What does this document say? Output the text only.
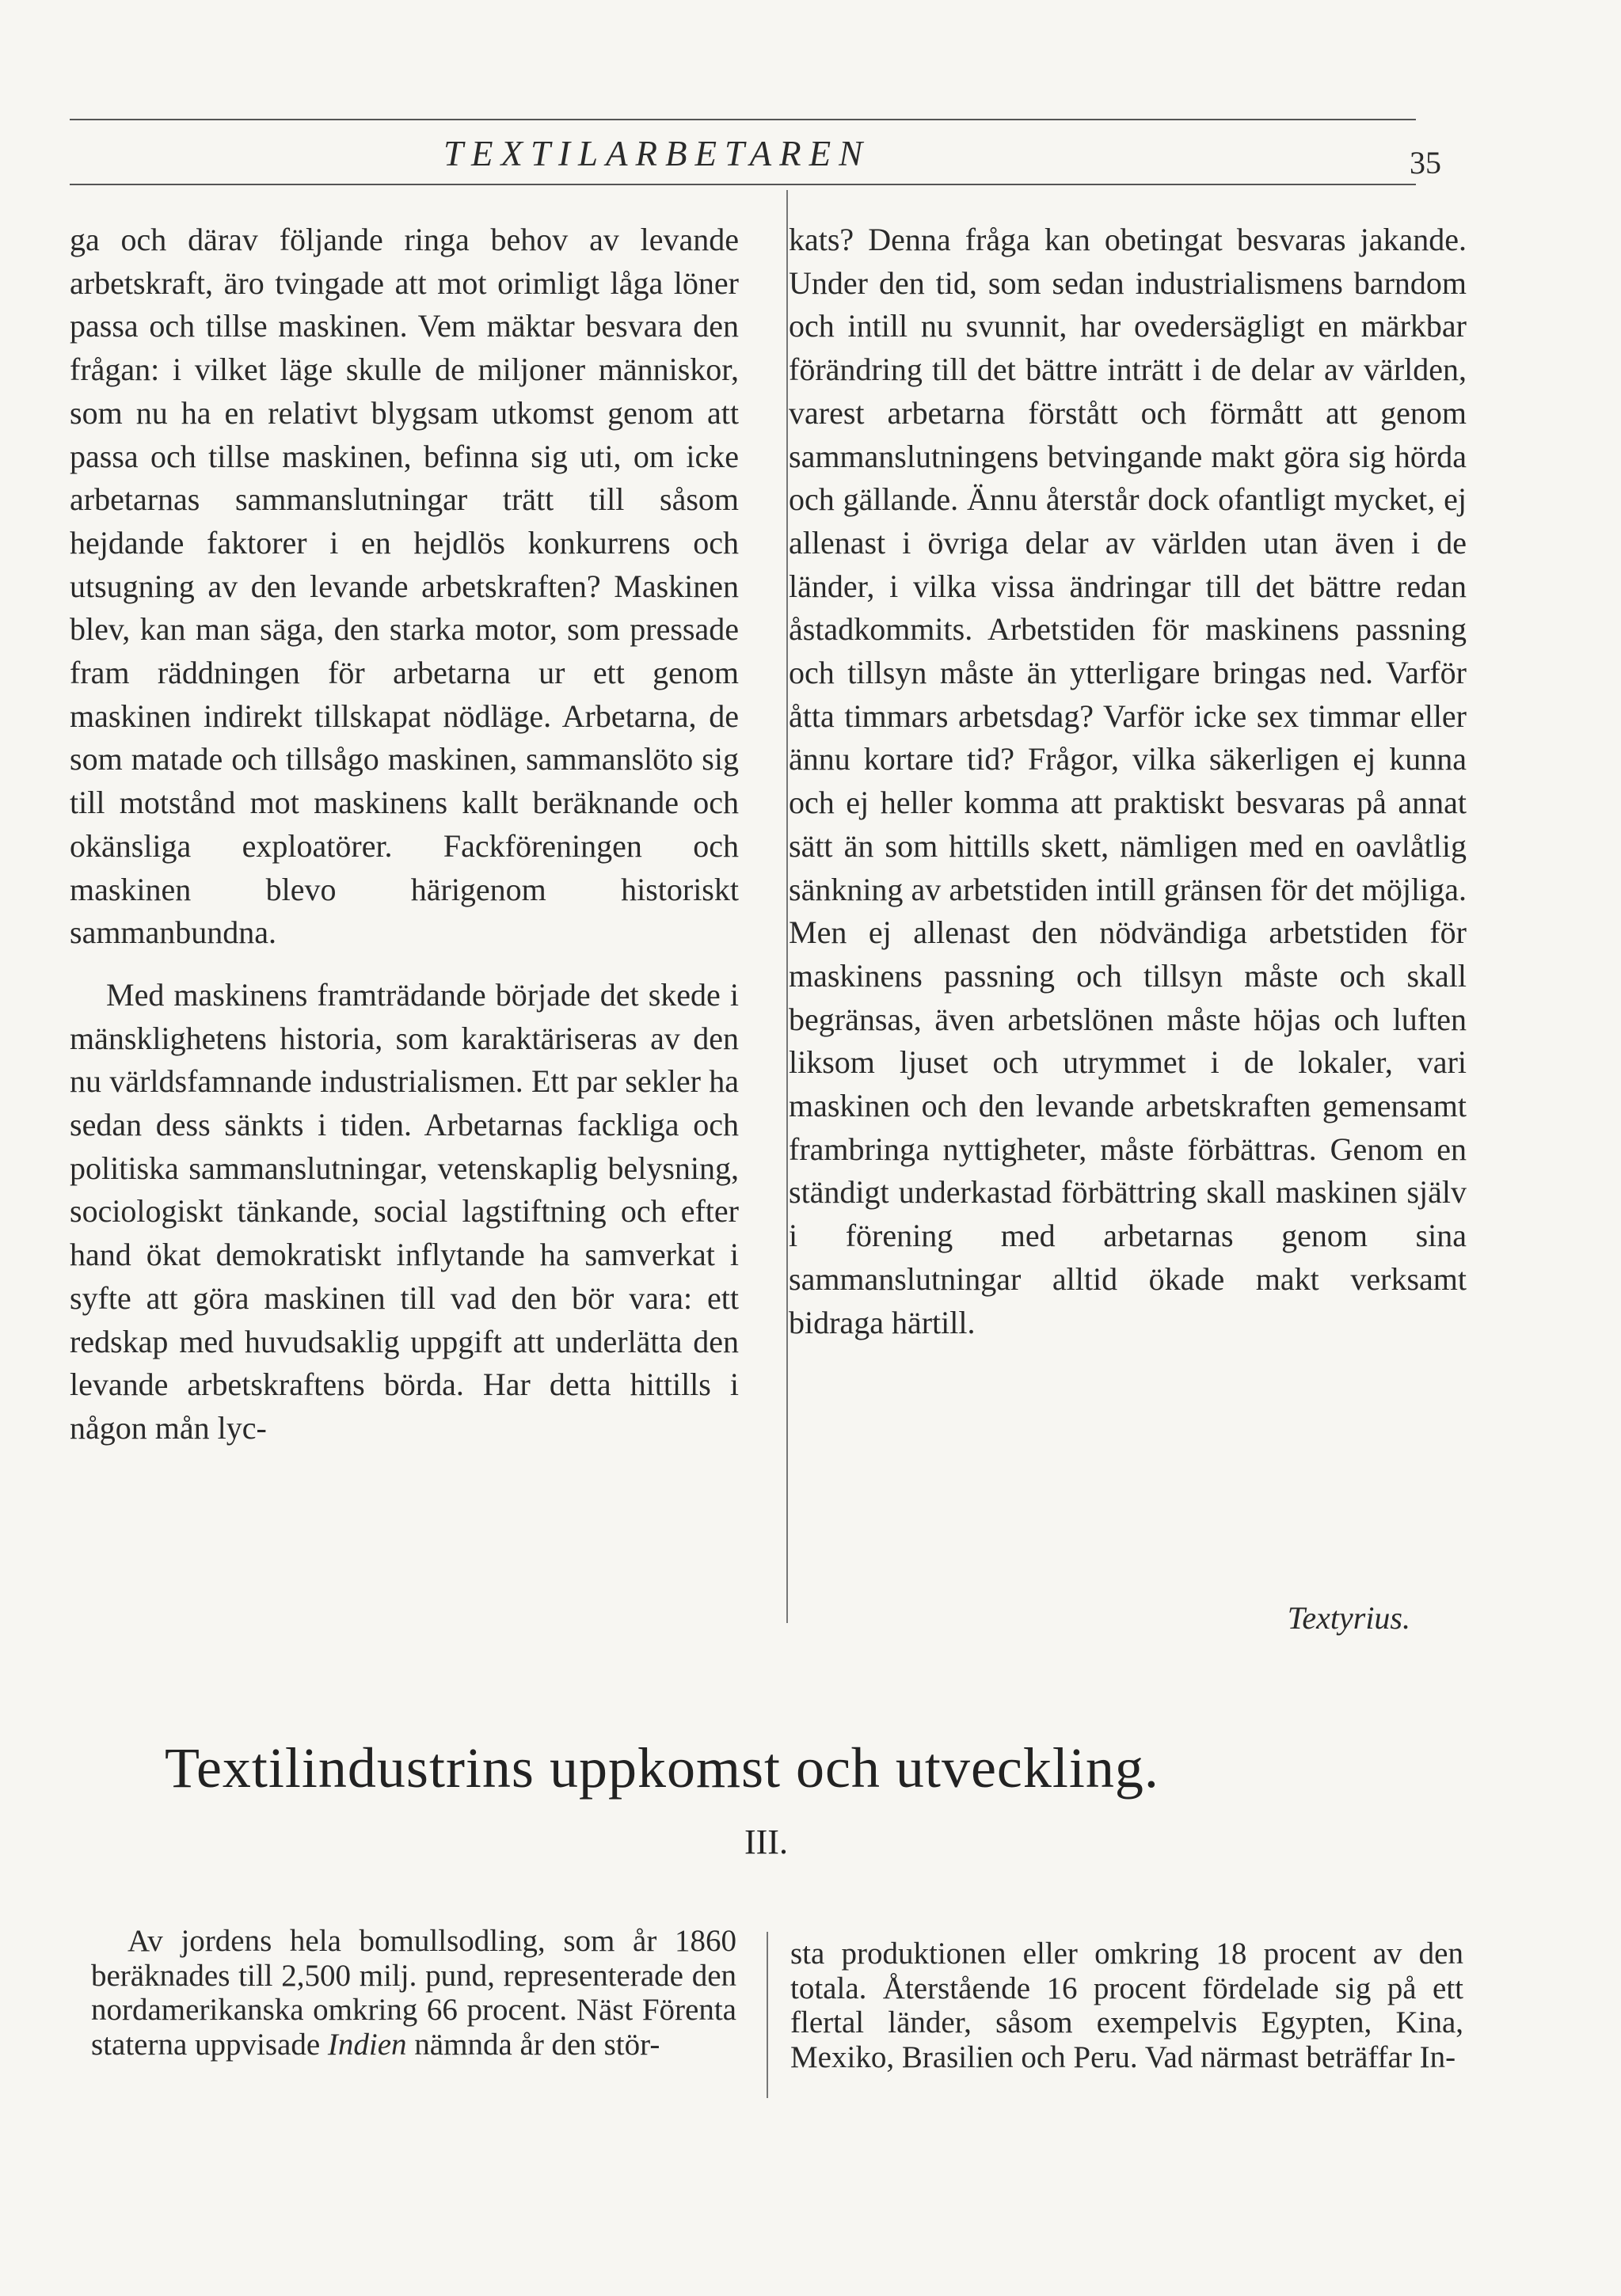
TEXTILARBETAREN	35

ga och därav följande ringa behov av levande arbetskraft, äro tvingade att mot orimligt låga löner passa och tillse maskinen. Vem mäktar besvara den frågan: i vilket läge skulle de miljoner människor, som nu ha en relativt blygsam utkomst genom att passa och tillse maskinen, befinna sig uti, om icke arbetarnas sammanslutningar trätt till såsom hejdande faktorer i en hejdlös konkurrens och utsugning av den levande arbetskraften? Maskinen blev, kan man säga, den starka motor, som pressade fram räddningen för arbetarna ur ett genom maskinen indirekt tillskapat nödläge. Arbetarna, de som matade och tillsågo maskinen, sammanslöto sig till motstånd mot maskinens kallt beräknande och okänsliga exploatörer. Fackföreningen och maskinen blevo härigenom historiskt sammanbundna.

Med maskinens framträdande började det skede i mänsklighetens historia, som karaktäriseras av den nu världsfamnande industrialismen. Ett par sekler ha sedan dess sänkts i tiden. Arbetarnas fackliga och politiska sammanslutningar, vetenskaplig belysning, sociologiskt tänkande, social lagstiftning och efter hand ökat demokratiskt inflytande ha samverkat i syfte att göra maskinen till vad den bör vara: ett redskap med huvudsaklig uppgift att underlätta den levande arbetskraftens börda. Har detta hittills i någon mån lyc-

kats? Denna fråga kan obetingat besvaras jakande. Under den tid, som sedan industrialismens barndom och intill nu svunnit, har ovedersägligt en märkbar förändring till det bättre inträtt i de delar av världen, varest arbetarna förstått och förmått att genom sammanslutningens betvingande makt göra sig hörda och gällande. Ännu återstår dock ofantligt mycket, ej allenast i övriga delar av världen utan även i de länder, i vilka vissa ändringar till det bättre redan åstadkommits. Arbetstiden för maskinens passning och tillsyn måste än ytterligare bringas ned. Varför åtta timmars arbetsdag? Varför icke sex timmar eller ännu kortare tid? Frågor, vilka säkerligen ej kunna och ej heller komma att praktiskt besvaras på annat sätt än som hittills skett, nämligen med en oavlåtlig sänkning av arbetstiden intill gränsen för det möjliga. Men ej allenast den nödvändiga arbetstiden för maskinens passning och tillsyn måste och skall begränsas, även arbetslönen måste höjas och luften liksom ljuset och utrymmet i de lokaler, vari maskinen och den levande arbetskraften gemensamt frambringa nyttigheter, måste förbättras. Genom en ständigt underkastad förbättring skall maskinen själv i förening med arbetarnas genom sina sammanslutningar alltid ökade makt verksamt bidraga härtill.

Textyrius.
Textilindustrins uppkomst och utveckling.
III.

Av jordens hela bomullsodling, som år 1860 beräknades till 2,500 milj. pund, representerade den nordamerikanska omkring 66 procent. Näst Förenta staterna uppvisade Indien nämnda år den stör-

sta produktionen eller omkring 18 procent av den totala. Återstående 16 procent fördelade sig på ett flertal länder, såsom exempelvis Egypten, Kina, Mexiko, Brasilien och Peru. Vad närmast beträffar In-
